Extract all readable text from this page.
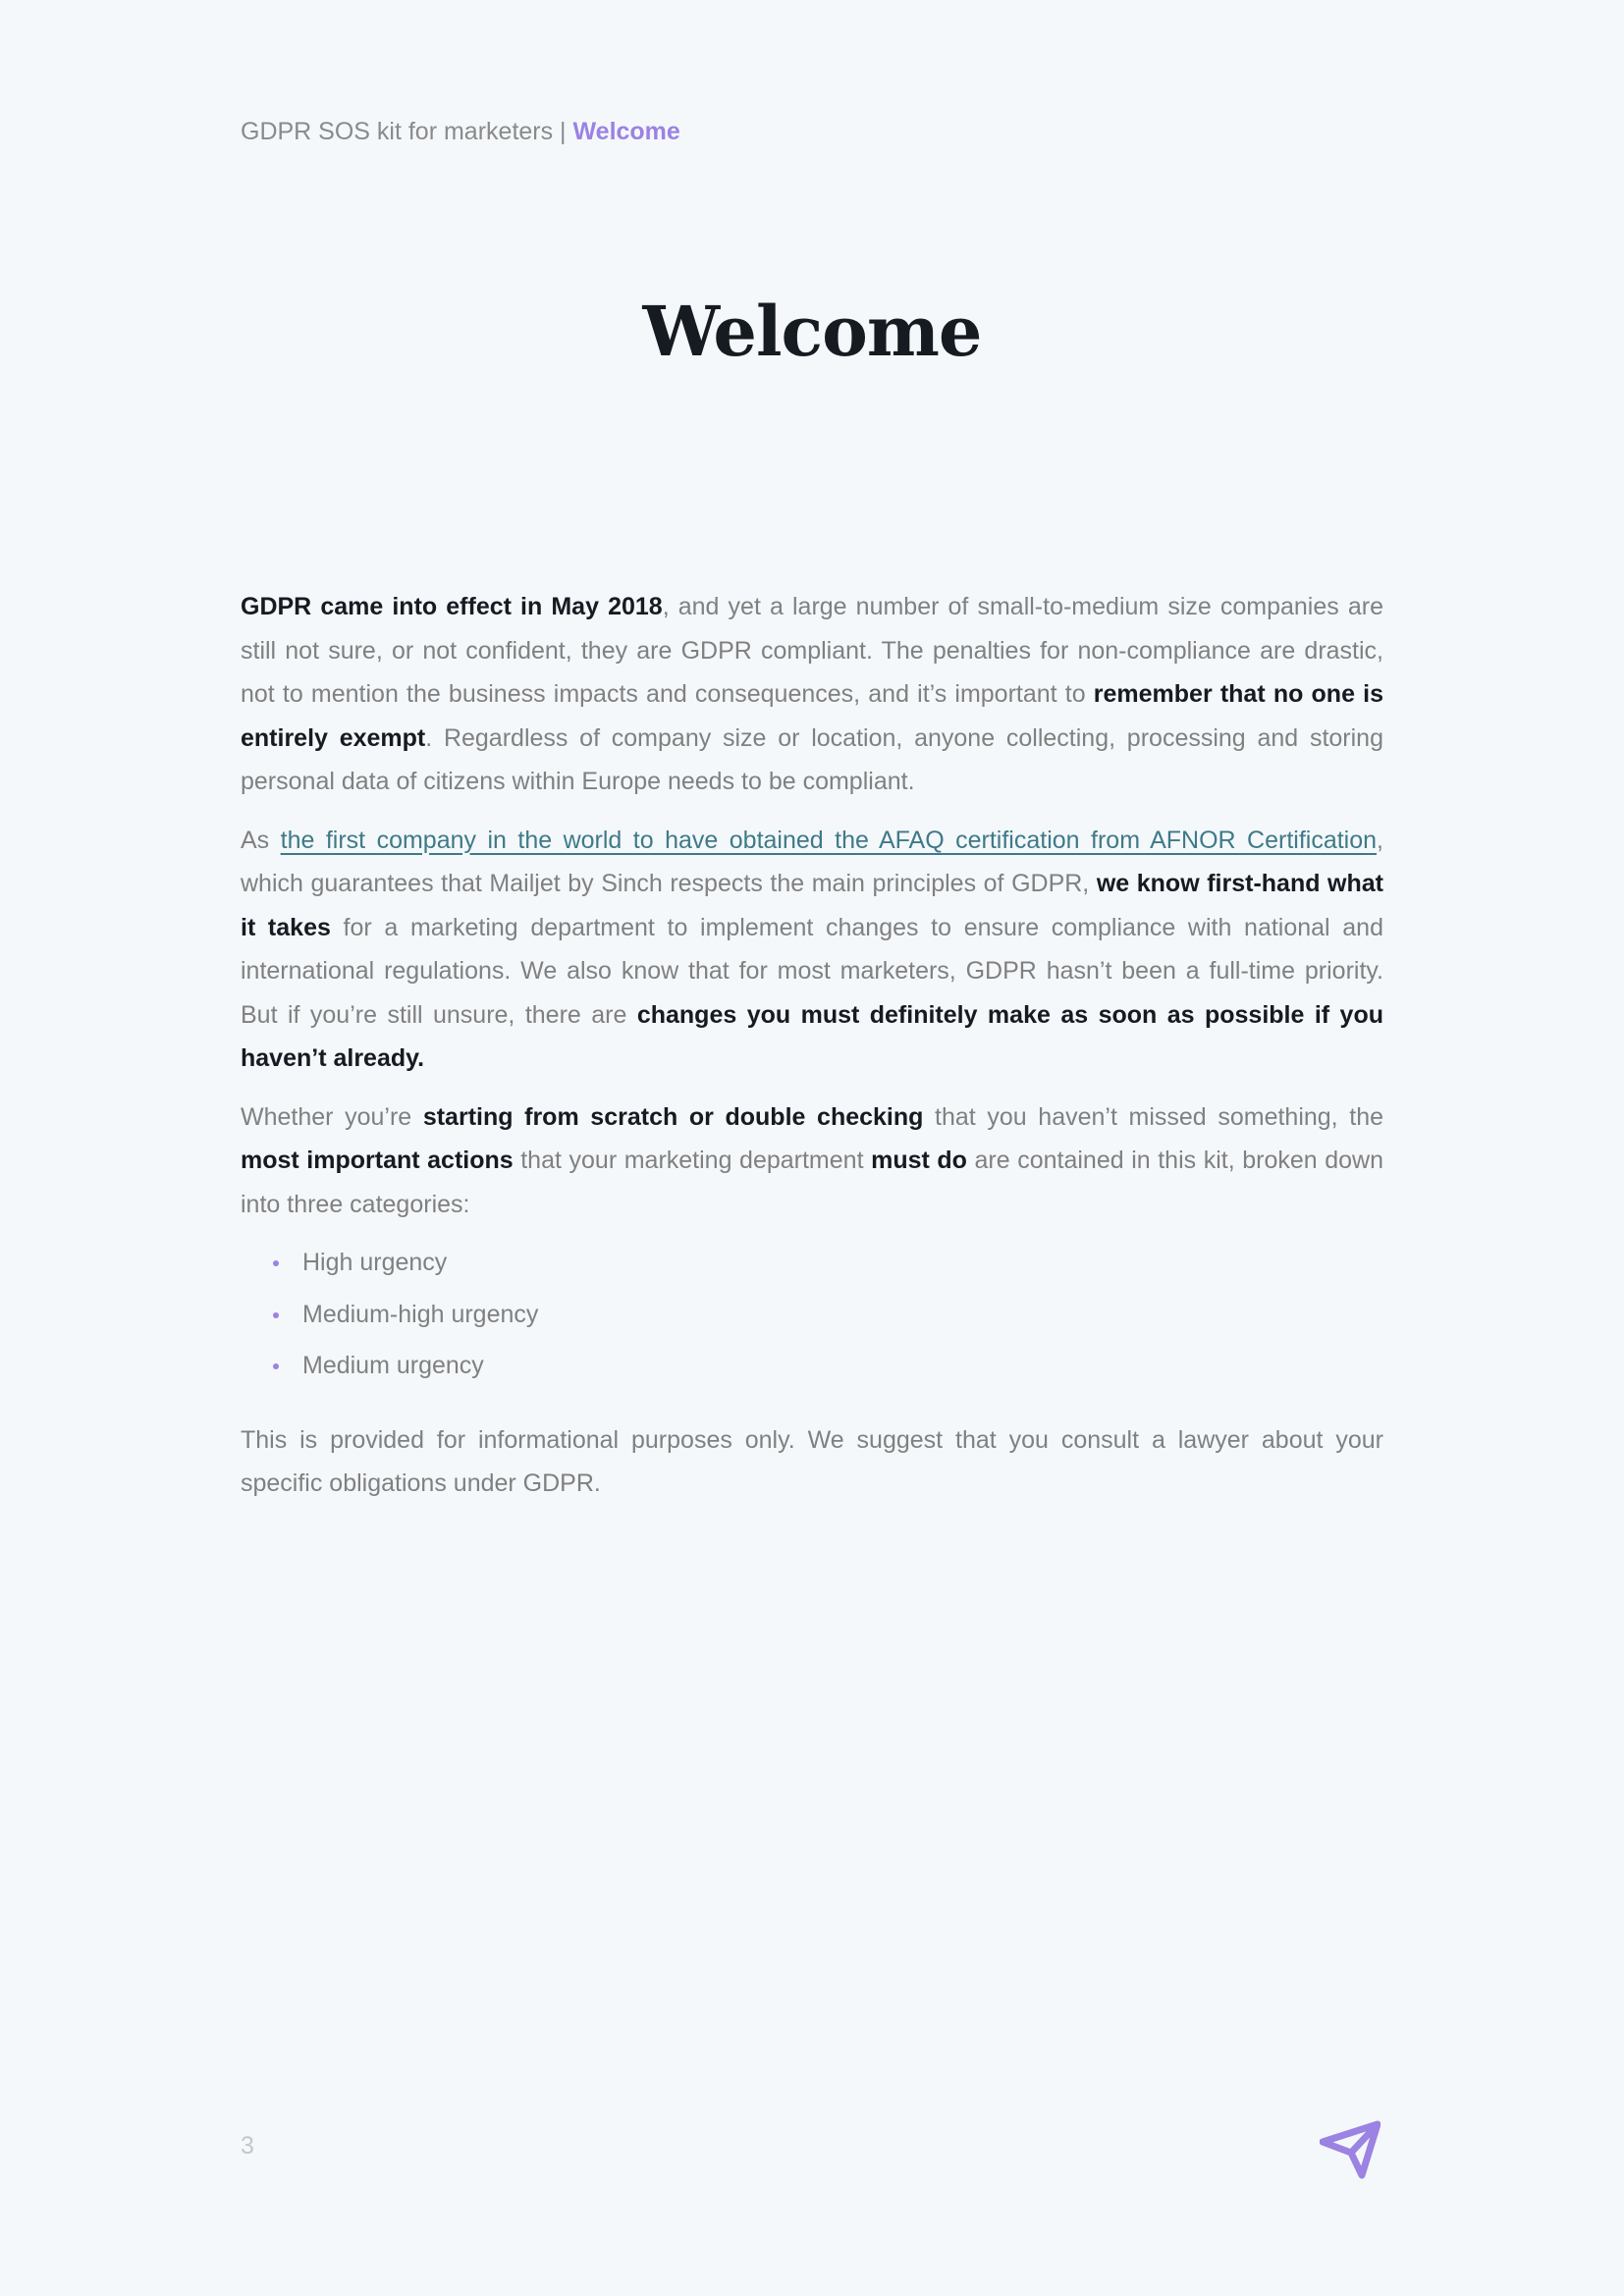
GDPR SOS kit for marketers | Welcome
Welcome

GDPR came into effect in May 2018, and yet a large number of small-to-medium size companies are still not sure, or not confident, they are GDPR compliant. The penalties for non-compliance are drastic, not to mention the business impacts and consequences, and it’s important to remember that no one is entirely exempt. Regardless of company size or location, anyone collecting, processing and storing personal data of citizens within Europe needs to be compliant.

As the first company in the world to have obtained the AFAQ certification from AFNOR Certification, which guarantees that Mailjet by Sinch respects the main principles of GDPR, we know first-hand what it takes for a marketing department to implement changes to ensure compliance with national and international regulations. We also know that for most marketers, GDPR hasn’t been a full-time priority. But if you’re still unsure, there are changes you must definitely make as soon as possible if you haven’t already.

Whether you’re starting from scratch or double checking that you haven’t missed something, the most important actions that your marketing department must do are contained in this kit, broken down into three categories:

High urgency
Medium-high urgency
Medium urgency

This is provided for informational purposes only. We suggest that you consult a lawyer about your specific obligations under GDPR.

3
